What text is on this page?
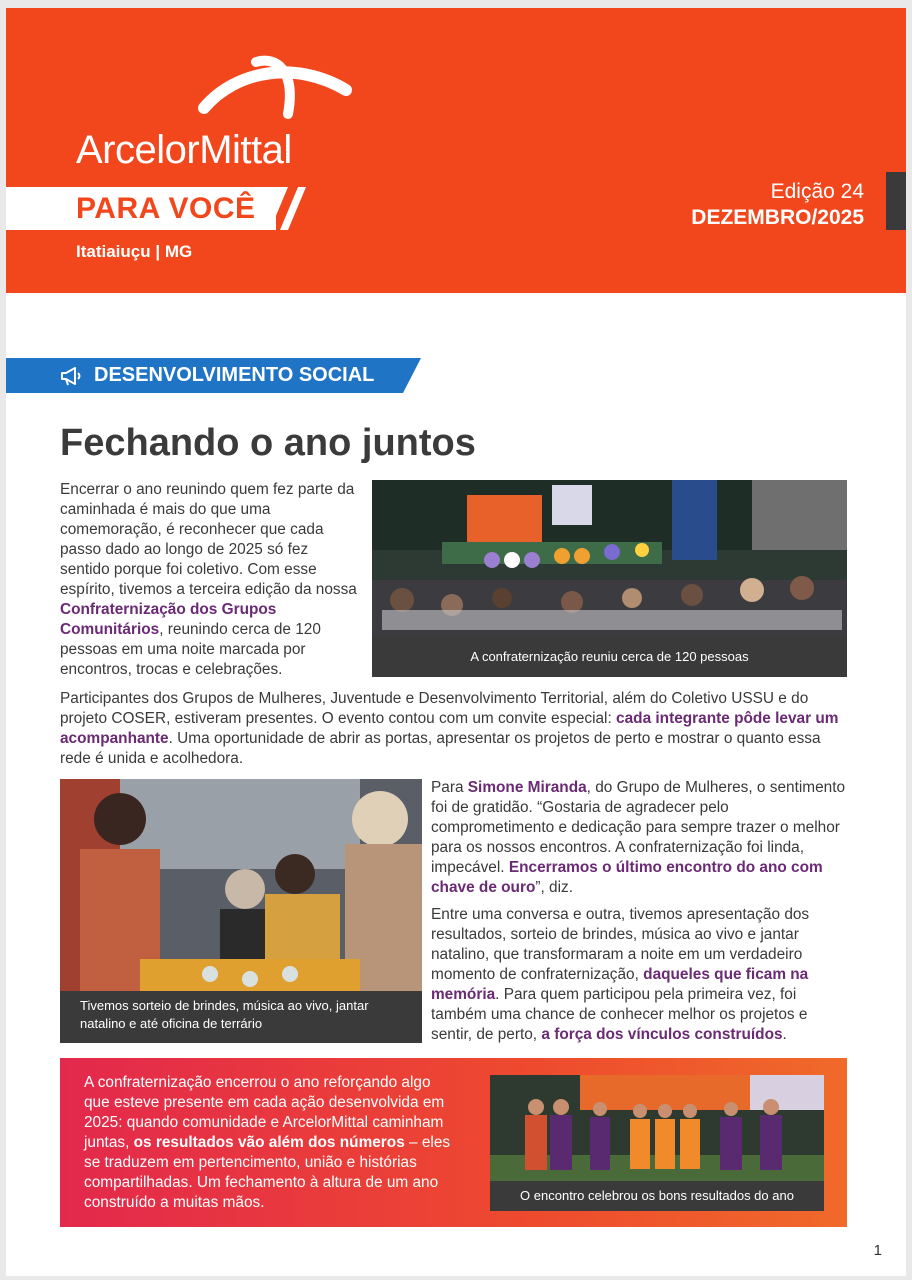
ArcelorMittal
PARA VOCÊ
Itatiaiuçu | MG
Edição 24
DEZEMBRO/2025
DESENVOLVIMENTO SOCIAL
Fechando o ano juntos
Encerrar o ano reunindo quem fez parte da caminhada é mais do que uma comemoração, é reconhecer que cada passo dado ao longo de 2025 só fez sentido porque foi coletivo. Com esse espírito, tivemos a terceira edição da nossa Confraternização dos Grupos Comunitários, reunindo cerca de 120 pessoas em uma noite marcada por encontros, trocas e celebrações.
A confraternização reuniu cerca de 120 pessoas
Participantes dos Grupos de Mulheres, Juventude e Desenvolvimento Territorial, além do Coletivo USSU e do projeto COSER, estiveram presentes. O evento contou com um convite especial: cada integrante pôde levar um acompanhante. Uma oportunidade de abrir as portas, apresentar os projetos de perto e mostrar o quanto essa rede é unida e acolhedora.
Tivemos sorteio de brindes, música ao vivo, jantar natalino e até oficina de terrário
Para Simone Miranda, do Grupo de Mulheres, o sentimento foi de gratidão. “Gostaria de agradecer pelo comprometimento e dedicação para sempre trazer o melhor para os nossos encontros. A confraternização foi linda, impecável. Encerramos o último encontro do ano com chave de ouro”, diz.
Entre uma conversa e outra, tivemos apresentação dos resultados, sorteio de brindes, música ao vivo e jantar natalino, que transformaram a noite em um verdadeiro momento de confraternização, daqueles que ficam na memória. Para quem participou pela primeira vez, foi também uma chance de conhecer melhor os projetos e sentir, de perto, a força dos vínculos construídos.
A confraternização encerrou o ano reforçando algo que esteve presente em cada ação desenvolvida em 2025: quando comunidade e ArcelorMittal caminham juntas, os resultados vão além dos números – eles se traduzem em pertencimento, união e histórias compartilhadas. Um fechamento à altura de um ano construído a muitas mãos.	O encontro celebrou os bons resultados do ano
1
